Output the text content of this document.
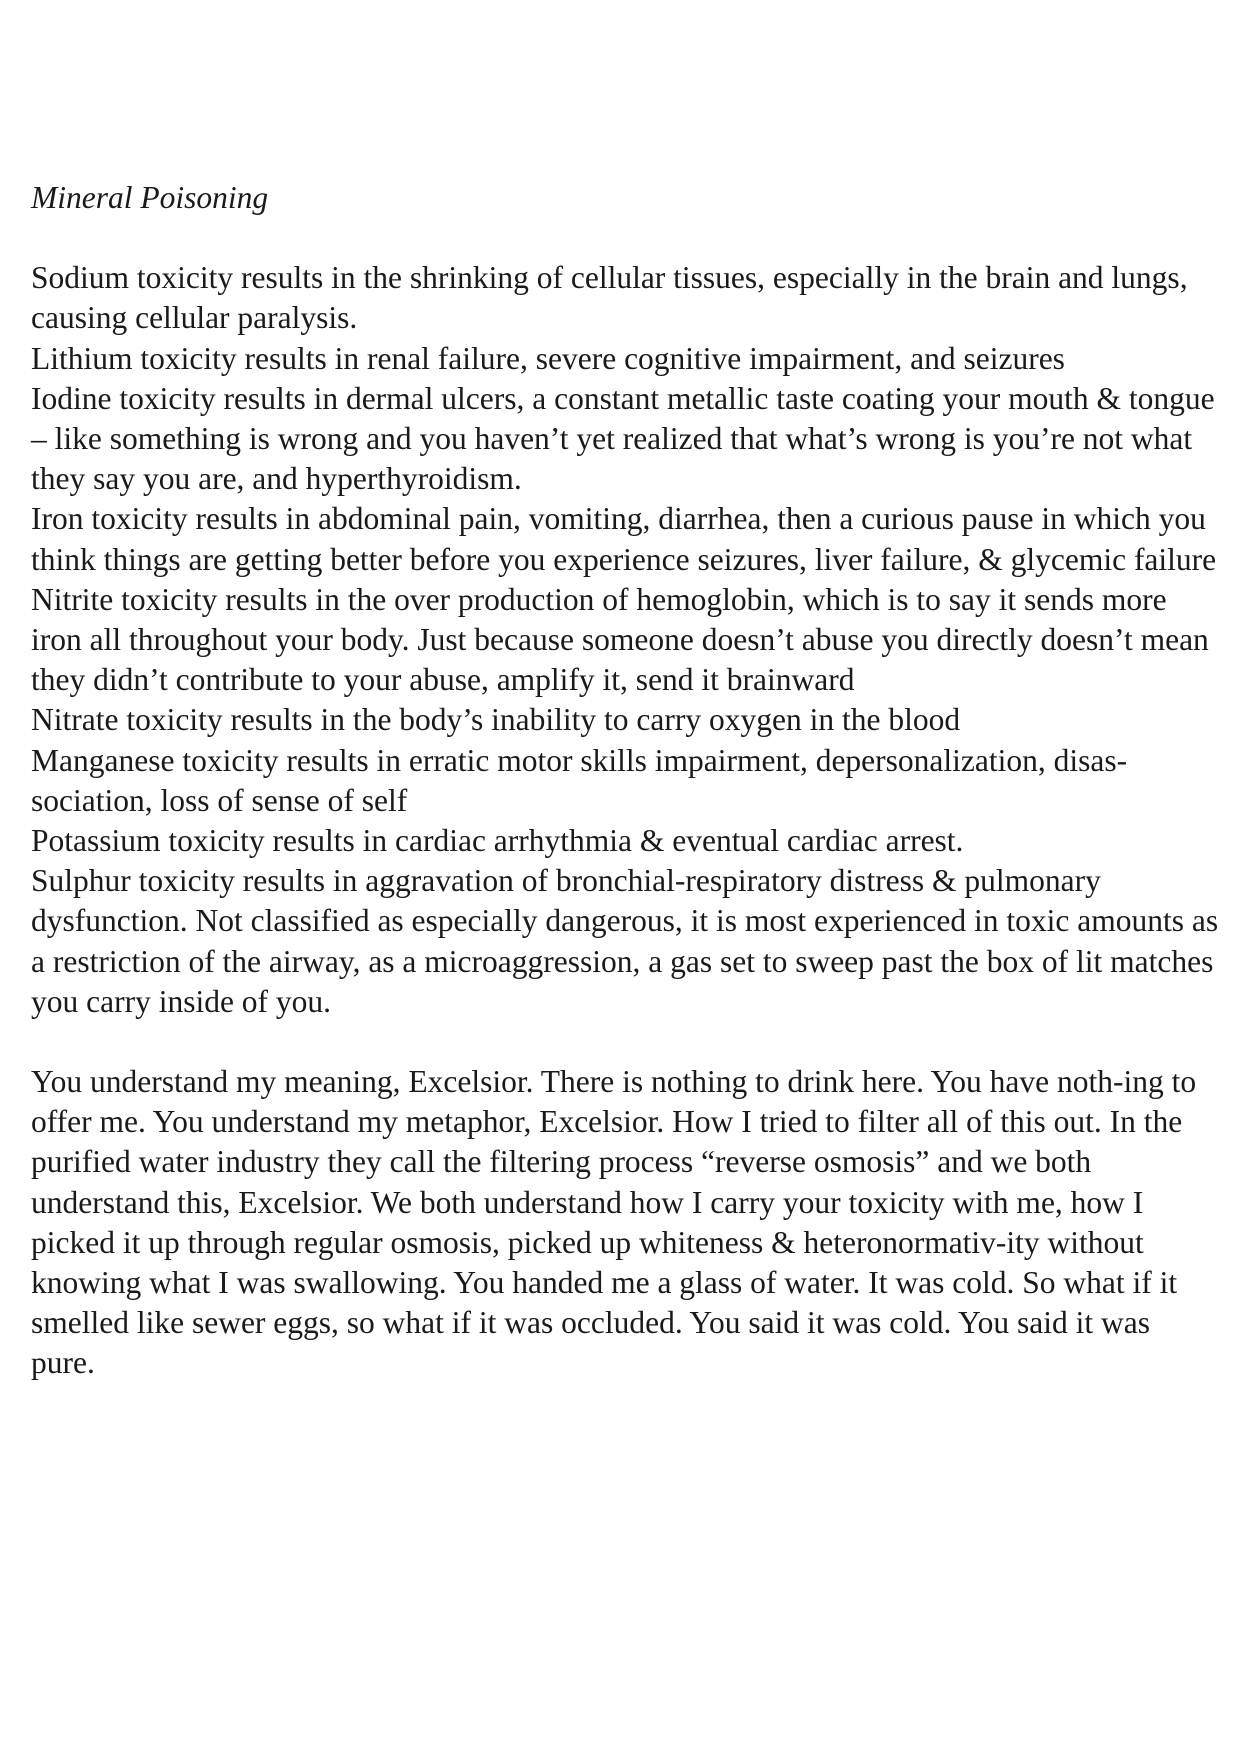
Mineral Poisoning
Sodium toxicity results in the shrinking of cellular tissues, especially in the brain and lungs, causing cellular paralysis.
Lithium toxicity results in renal failure, severe cognitive impairment, and seizures
Iodine toxicity results in dermal ulcers, a constant metallic taste coating your mouth & tongue – like something is wrong and you haven’t yet realized that what’s wrong is you’re not what they say you are, and hyperthyroidism.
Iron toxicity results in abdominal pain, vomiting, diarrhea, then a curious pause in which you think things are getting better before you experience seizures, liver failure, & glycemic failure
Nitrite toxicity results in the over production of hemoglobin, which is to say it sends more iron all throughout your body. Just because someone doesn’t abuse you directly doesn’t mean they didn’t contribute to your abuse, amplify it, send it brainward
Nitrate toxicity results in the body’s inability to carry oxygen in the blood
Manganese toxicity results in erratic motor skills impairment, depersonalization, disas-sociation, loss of sense of self
Potassium toxicity results in cardiac arrhythmia & eventual cardiac arrest.
Sulphur toxicity results in aggravation of bronchial-respiratory distress & pulmonary dysfunction. Not classified as especially dangerous, it is most experienced in toxic amounts as a restriction of the airway, as a microaggression, a gas set to sweep past the box of lit matches you carry inside of you.

You understand my meaning, Excelsior. There is nothing to drink here. You have noth-ing to offer me. You understand my metaphor, Excelsior. How I tried to filter all of this out. In the purified water industry they call the filtering process “reverse osmosis” and we both understand this, Excelsior. We both understand how I carry your toxicity with me, how I picked it up through regular osmosis, picked up whiteness & heteronormativ-ity without knowing what I was swallowing. You handed me a glass of water. It was cold. So what if it smelled like sewer eggs, so what if it was occluded. You said it was cold. You said it was pure.
